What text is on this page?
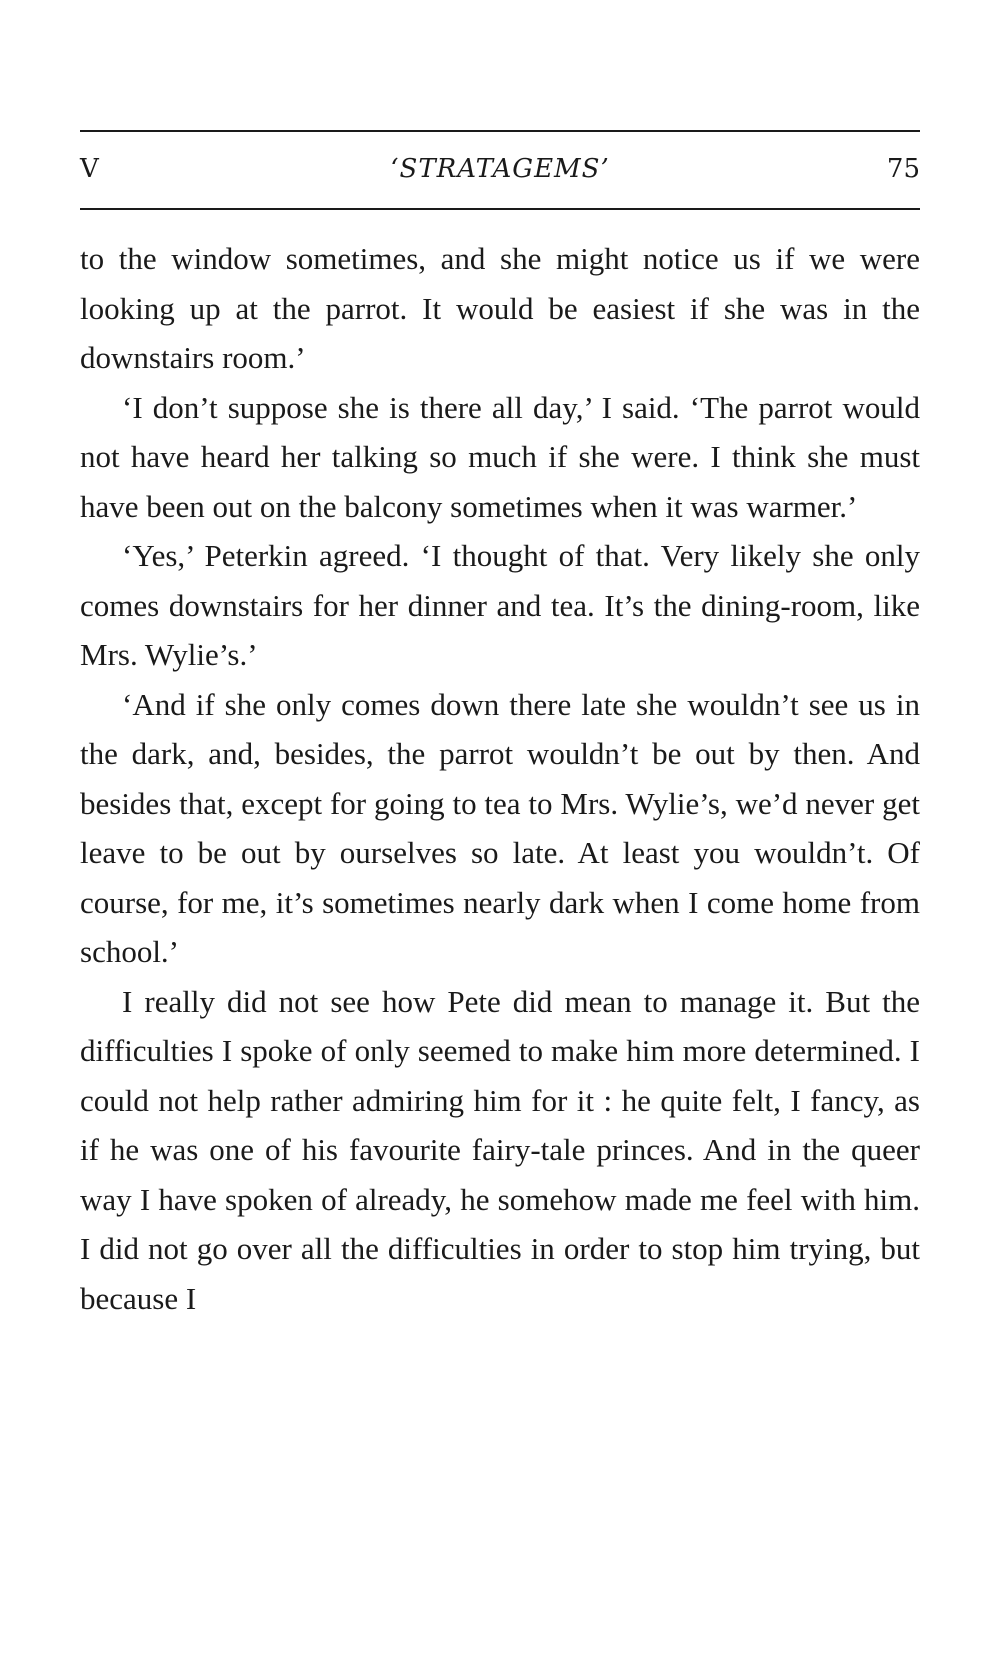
V	‘STRATAGEMS’	75

to the window sometimes, and she might notice us if we were looking up at the parrot. It would be easiest if she was in the downstairs room.’

‘I don’t suppose she is there all day,’ I said. ‘The parrot would not have heard her talking so much if she were. I think she must have been out on the balcony sometimes when it was warmer.’

‘Yes,’ Peterkin agreed. ‘I thought of that. Very likely she only comes downstairs for her dinner and tea. It’s the dining-room, like Mrs. Wylie’s.’

‘And if she only comes down there late she wouldn’t see us in the dark, and, besides, the parrot wouldn’t be out by then. And besides that, except for going to tea to Mrs. Wylie’s, we’d never get leave to be out by ourselves so late. At least you wouldn’t. Of course, for me, it’s sometimes nearly dark when I come home from school.’

I really did not see how Pete did mean to manage it. But the difficulties I spoke of only seemed to make him more determined. I could not help rather admiring him for it : he quite felt, I fancy, as if he was one of his favourite fairy-tale princes. And in the queer way I have spoken of already, he somehow made me feel with him. I did not go over all the difficulties in order to stop him trying, but because I
